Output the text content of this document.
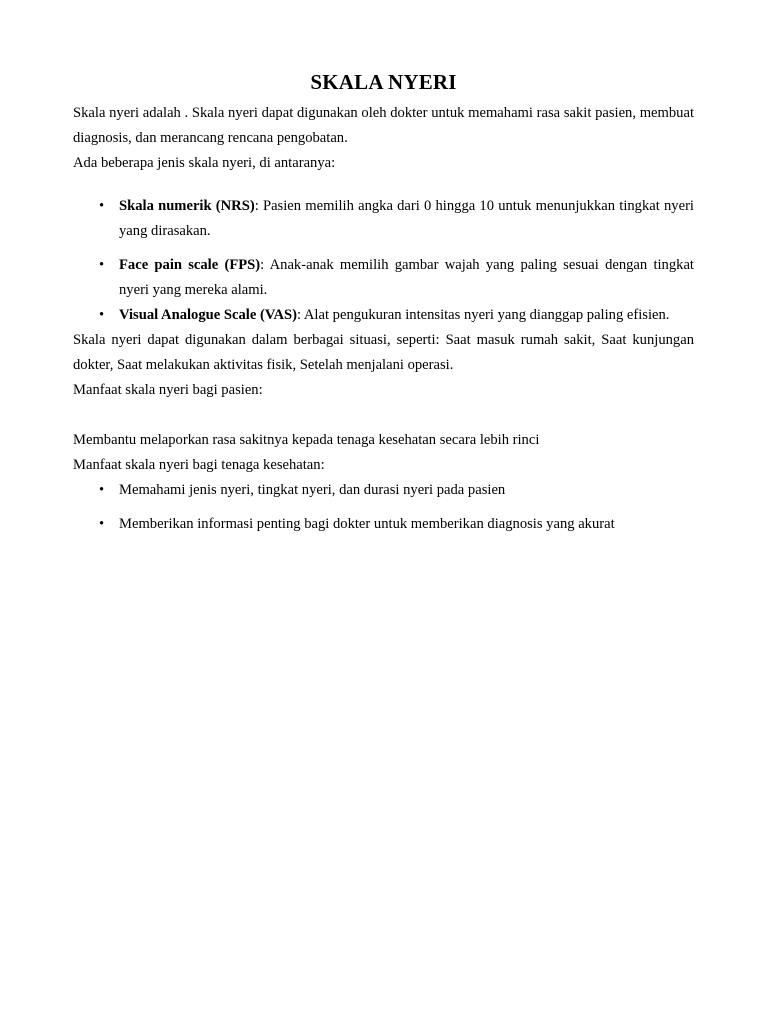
SKALA NYERI

Skala nyeri adalah . Skala nyeri dapat digunakan oleh dokter untuk memahami rasa sakit pasien, membuat diagnosis, dan merancang rencana pengobatan.

Ada beberapa jenis skala nyeri, di antaranya:

• Skala numerik (NRS): Pasien memilih angka dari 0 hingga 10 untuk menunjukkan tingkat nyeri yang dirasakan.
• Face pain scale (FPS): Anak-anak memilih gambar wajah yang paling sesuai dengan tingkat nyeri yang mereka alami.
• Visual Analogue Scale (VAS): Alat pengukuran intensitas nyeri yang dianggap paling efisien.

Skala nyeri dapat digunakan dalam berbagai situasi, seperti: Saat masuk rumah sakit, Saat kunjungan dokter, Saat melakukan aktivitas fisik, Setelah menjalani operasi.

Manfaat skala nyeri bagi pasien:

Membantu melaporkan rasa sakitnya kepada tenaga kesehatan secara lebih rinci

Manfaat skala nyeri bagi tenaga kesehatan:

• Memahami jenis nyeri, tingkat nyeri, dan durasi nyeri pada pasien
• Memberikan informasi penting bagi dokter untuk memberikan diagnosis yang akurat
